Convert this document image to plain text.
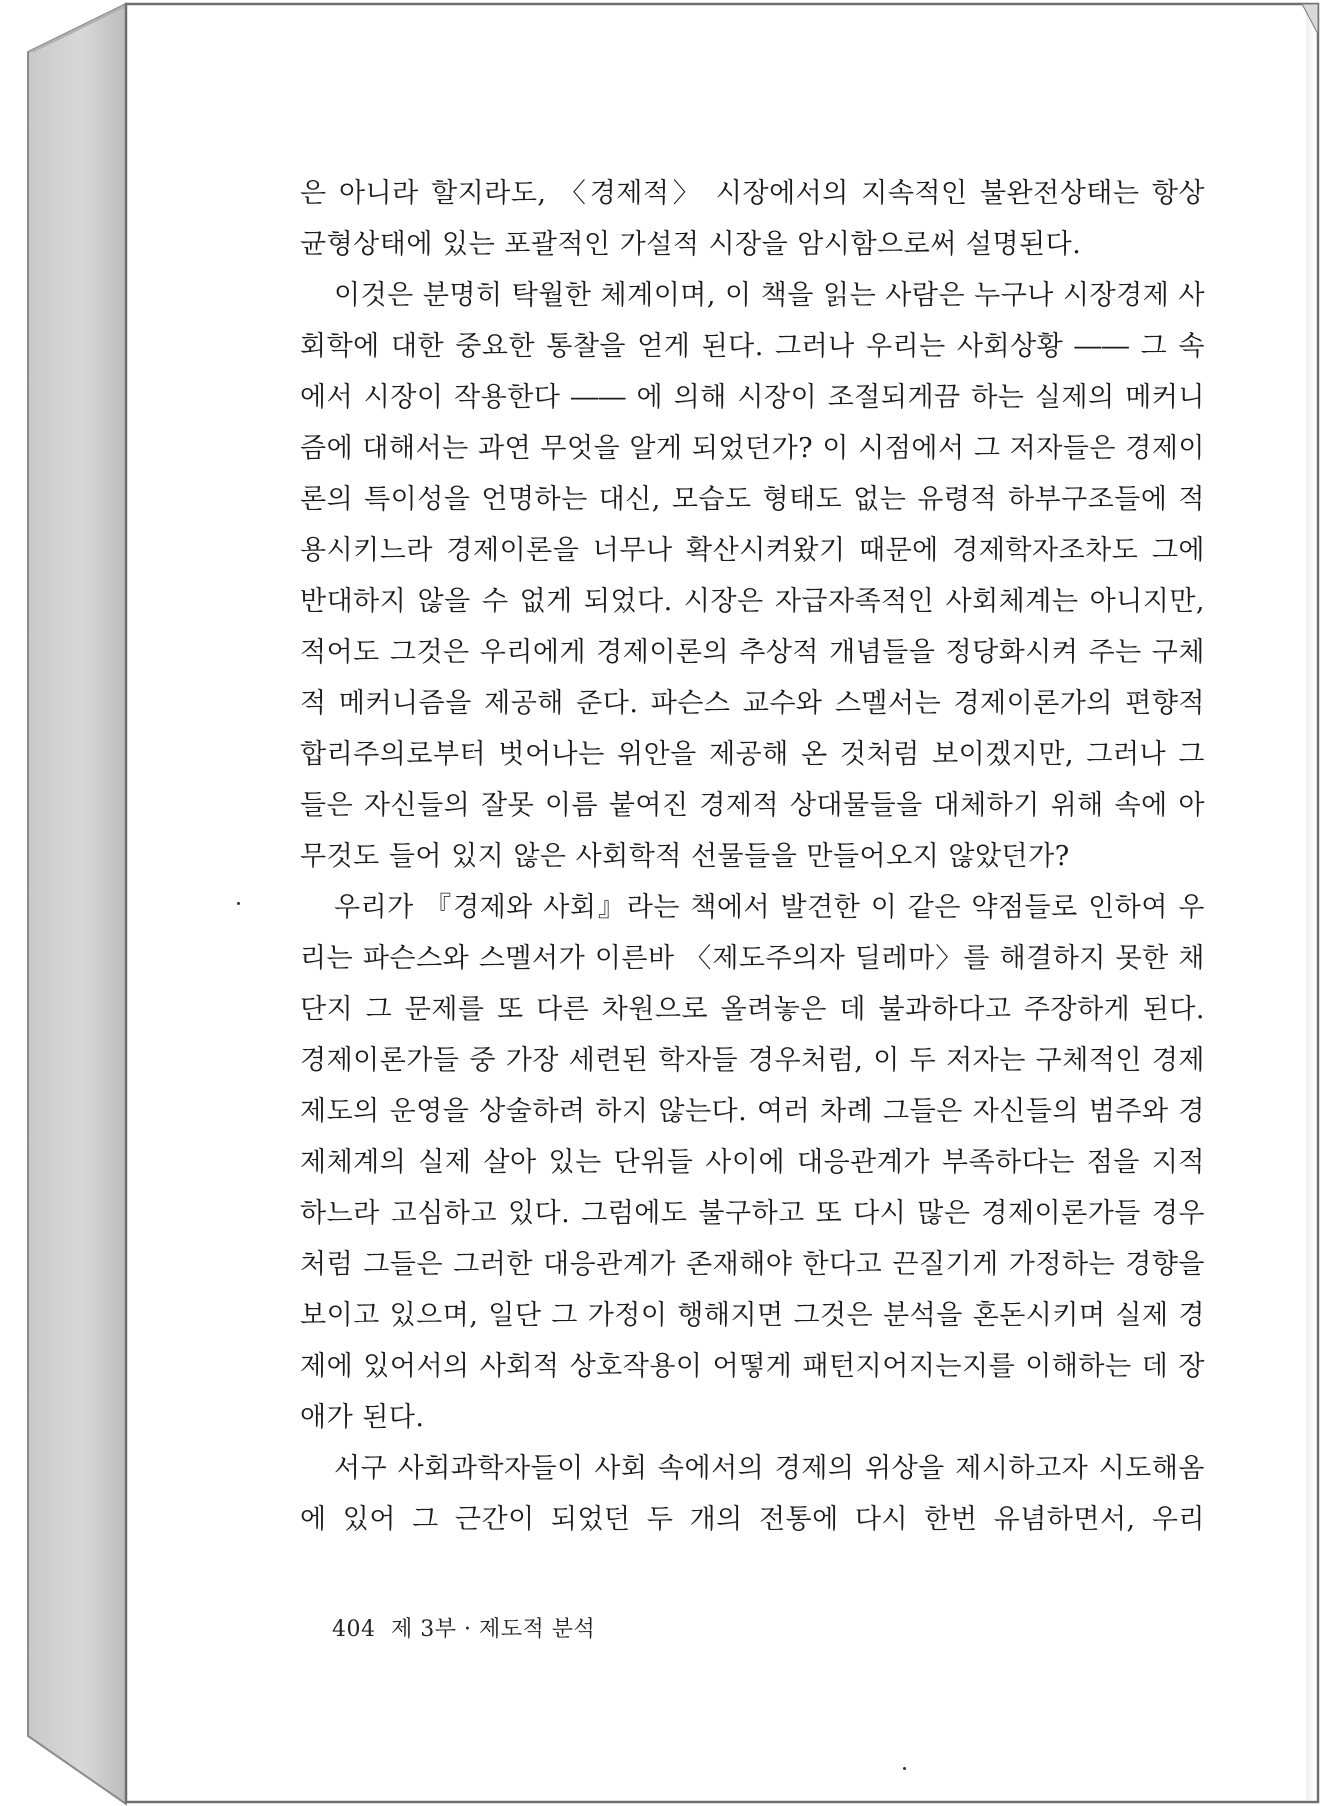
은 아니라 할지라도, 〈경제적〉 시장에서의 지속적인 불완전상태는 항상 균형상태에 있는 포괄적인 가설적 시장을 암시함으로써 설명된다.

이것은 분명히 탁월한 체계이며, 이 책을 읽는 사람은 누구나 시장경제 사회학에 대한 중요한 통찰을 얻게 된다. 그러나 우리는 사회상황 ―― 그 속에서 시장이 작용한다 ―― 에 의해 시장이 조절되게끔 하는 실제의 메커니즘에 대해서는 과연 무엇을 알게 되었던가? 이 시점에서 그 저자들은 경제이론의 특이성을 언명하는 대신, 모습도 형태도 없는 유령적 하부구조들에 적용시키느라 경제이론을 너무나 확산시켜왔기 때문에 경제학자조차도 그에 반대하지 않을 수 없게 되었다. 시장은 자급자족적인 사회체계는 아니지만, 적어도 그것은 우리에게 경제이론의 추상적 개념들을 정당화시켜 주는 구체적 메커니즘을 제공해 준다. 파슨스 교수와 스멜서는 경제이론가의 편향적 합리주의로부터 벗어나는 위안을 제공해 온 것처럼 보이겠지만, 그러나 그들은 자신들의 잘못 이름 붙여진 경제적 상대물들을 대체하기 위해 속에 아무것도 들어 있지 않은 사회학적 선물들을 만들어오지 않았던가?

우리가 『경제와 사회』라는 책에서 발견한 이 같은 약점들로 인하여 우리는 파슨스와 스멜서가 이른바 〈제도주의자 딜레마〉를 해결하지 못한 채 단지 그 문제를 또 다른 차원으로 올려놓은 데 불과하다고 주장하게 된다. 경제이론가들 중 가장 세련된 학자들 경우처럼, 이 두 저자는 구체적인 경제제도의 운영을 상술하려 하지 않는다. 여러 차례 그들은 자신들의 범주와 경제체계의 실제 살아 있는 단위들 사이에 대응관계가 부족하다는 점을 지적하느라 고심하고 있다. 그럼에도 불구하고 또 다시 많은 경제이론가들 경우처럼 그들은 그러한 대응관계가 존재해야 한다고 끈질기게 가정하는 경향을 보이고 있으며, 일단 그 가정이 행해지면 그것은 분석을 혼돈시키며 실제 경제에 있어서의 사회적 상호작용이 어떻게 패턴지어지는지를 이해하는 데 장애가 된다.

서구 사회과학자들이 사회 속에서의 경제의 위상을 제시하고자 시도해옴에 있어 그 근간이 되었던 두 개의 전통에 다시 한번 유념하면서, 우리

404 제 3부 · 제도적 분석
